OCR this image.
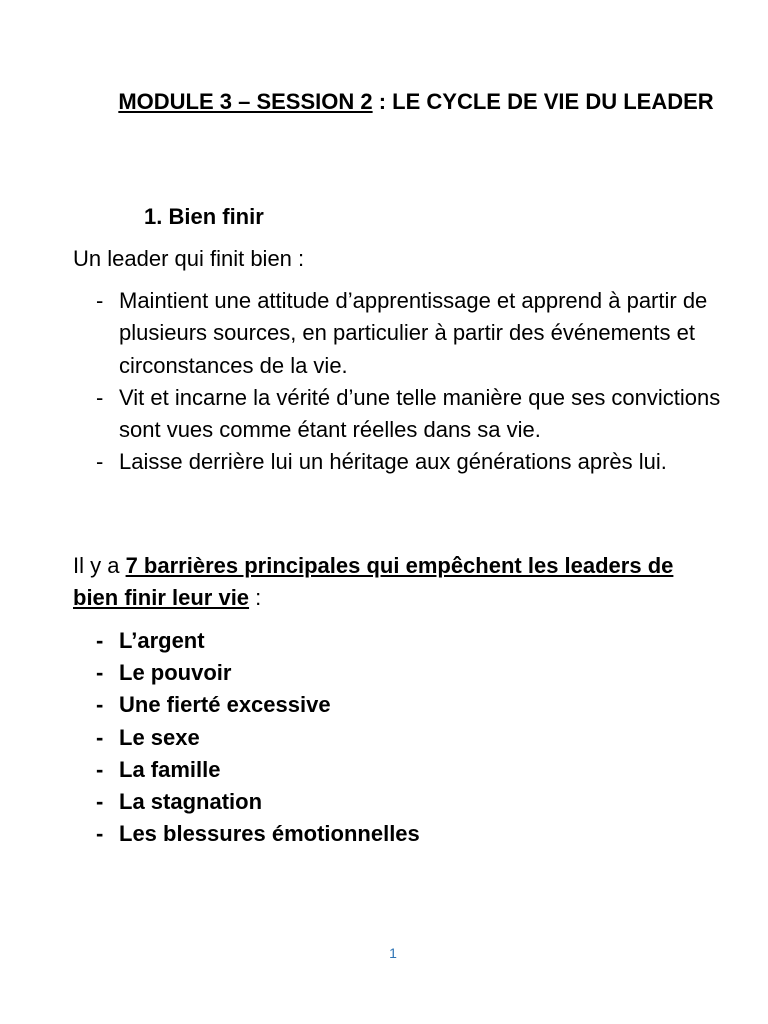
MODULE 3 – SESSION 2 : LE CYCLE DE VIE DU LEADER
1. Bien finir
Un leader qui finit bien :
- Maintient une attitude d’apprentissage et apprend à partir de plusieurs sources, en particulier à partir des événements et circonstances de la vie.
- Vit et incarne la vérité d’une telle manière que ses convictions sont vues comme étant réelles dans sa vie.
- Laisse derrière lui un héritage aux générations après lui.
Il y a 7 barrières principales qui empêchent les leaders de bien finir leur vie :
- L’argent
- Le pouvoir
- Une fierté excessive
- Le sexe
- La famille
- La stagnation
- Les blessures émotionnelles
1
